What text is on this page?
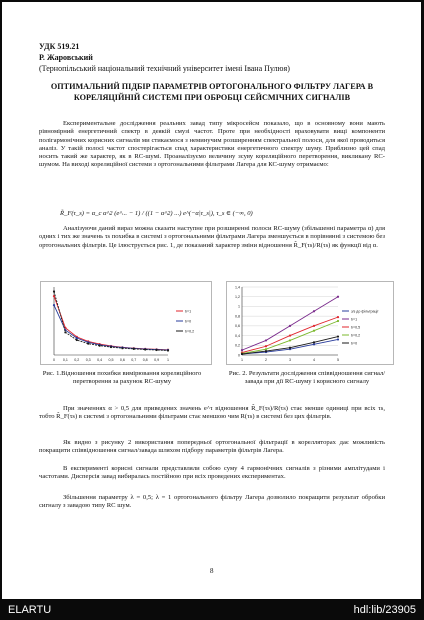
УДК 519.21
Р. Жаровський
(Тернопільський національний технічний університет імені Івана Пулюя)
ОПТИМАЛЬНИЙ ПІДБІР ПАРАМЕТРІВ ОРТОГОНАЛЬНОГО ФІЛЬТРУ ЛАГЕРА В КОРЕЛЯЦІЙНІЙ СИСТЕМІ ПРИ ОБРОБЦІ СЕЙСМІЧНИХ СИГНАЛІВ
Експериментальне дослідження реальних завад типу мікросейсм показало, що в основному вони мають рівномірний енергетичний спектр в деякій смузі частот. Проте при необхідності враховувати вищі компоненти полігармонічних корисних сигналів ми стикаємося з неминучим розширенням спектральної полоси, для якої проводиться аналіз. У такій полосі частот спостерігається спад характеристики енергетичного спектру шуму. Приблизно цей спад носить такий же характер, як в RC-шумі. Проаналізуємо величину зсуву кореляційного перетворення, викликану RC-шумом. На виході кореляційної системи з ортогональними фільтрами Лагера для КС-шуму отримаємо:
R̃_F(τ_s) = α_c α^2 (e^... − 1) / ((1 − α^2) ...) e^(−α|τ_s|), τ_s ∈ (−∞, 0)
Аналізуючи даний вираз можна сказати наступне при розширенні полоси RC-шуму (збільшенні параметра α) для одних і тих же значень τs похибка в системі з ортогональними фільтрами Лагера зменшується в порівнянні з системою без ортогональних фільтрів. Це ілюструється рис. 1, де показаний характер зміни відношення R̃_F(τs)/R(τs) як функції від α.
0 0,1 0,2 0,3 0,4 0,5 0,6 0,7 0,8 0,9 1
b=1
b=0
b=0,2
Рис. 1.Відношення похибки вимірювання кореляційного перетворення за рахунок RC-шуму
1	2	3	4	5
1,4
1,2
1
0,8
0,6
0,4
0,2
0
з/з до фільтрації
b=1
b=0,5
b=0,2
b=0
Рис. 2. Результати дослідження співвідношення сигнал/завада при дії RC-шуму і корисного сигналу
При значеннях α > 0,5 для приведених значень e^τ відношення R̃_F(τs)/R(τs) стає менше одиниці при всіх τs, тобто R̃_F(τs) в системі з ортогональними фільтрами стає меншою чим R(τs) в системі без цих фільтрів.
Як видно з рисунку 2 використання попередньої ортогональної фільтрації в корелляторах дає можливість покращити співвідношення сигнал/завада шляхом підбору параметрів фільтрів Лагера.
В експерименті корисні сигнали представляли собою суму 4 гармонічних сигналів з різними амплітудами і частотами. Дисперсія завад вибиралась постійною при всіх проведених експериментах.
Збільшення параметру λ = 0,5; λ = 1 ортогонального фільтру Лагера дозволило покращити результат обробки сигналу з завадою типу RC шум.
8
ELARTU	hdl:lib/23905
